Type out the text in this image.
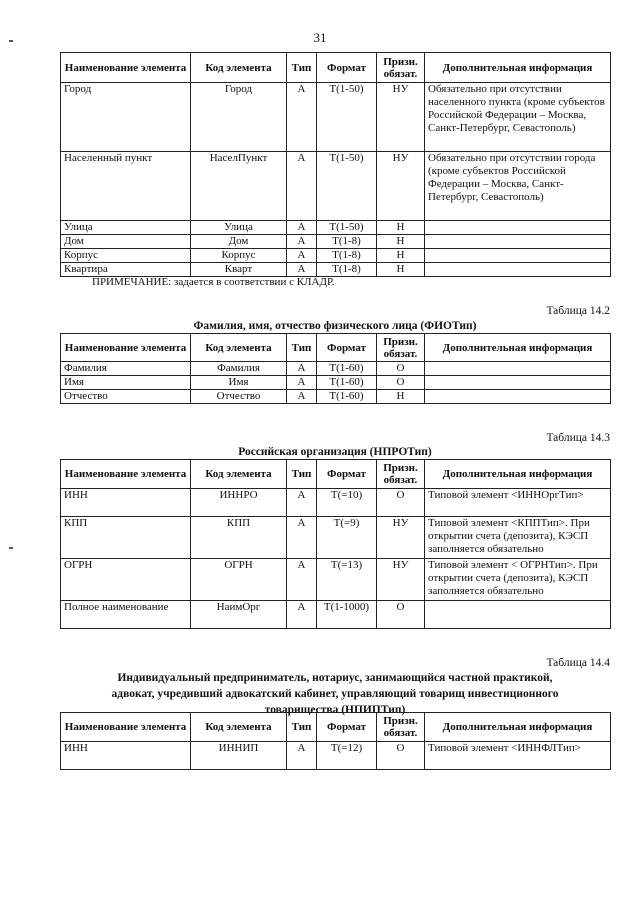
31
Наименование элемента	Код элемента	Тип	Формат	Призн. обязат.	Дополнительная информация
Город	Город	А	Т(1-50)	НУ	Обязательно при отсутствии населенного пункта (кроме субъектов Российской Федерации – Москва, Санкт-Петербург, Севастополь)
Населенный пункт	НаселПункт	А	Т(1-50)	НУ	Обязательно при отсутствии города (кроме субъектов Российской Федерации – Москва, Санкт-Петербург, Севастополь)
Улица	Улица	А	Т(1-50)	Н	
Дом	Дом	А	Т(1-8)	Н	
Корпус	Корпус	А	Т(1-8)	Н	
Квартира	Кварт	А	Т(1-8)	Н	
ПРИМЕЧАНИЕ: задается в соответствии с КЛАДР.
Таблица 14.2
Фамилия, имя, отчество физического лица (ФИОТип)
Наименование элемента	Код элемента	Тип	Формат	Призн. обязат.	Дополнительная информация
Фамилия	Фамилия	А	Т(1-60)	О	
Имя	Имя	А	Т(1-60)	О	
Отчество	Отчество	А	Т(1-60)	Н	
Таблица 14.3
Российская организация (НПРОТип)
Наименование элемента	Код элемента	Тип	Формат	Призн. обязат.	Дополнительная информация
ИНН	ИННРО	А	Т(=10)	О	Типовой элемент <ИННОргТип>
КПП	КПП	А	Т(=9)	НУ	Типовой элемент <КППТип>. При открытии счета (депозита), КЭСП заполняется обязательно
ОГРН	ОГРН	А	Т(=13)	НУ	Типовой элемент < ОГРНТип>. При открытии счета (депозита), КЭСП заполняется обязательно
Полное наименование	НаимОрг	А	Т(1-1000)	О	
Таблица 14.4
Индивидуальный предприниматель, нотариус, занимающийся частной практикой, адвокат, учредивший адвокатский кабинет, управляющий товарищ инвестиционного товарищества (НПИПТип)
Наименование элемента	Код элемента	Тип	Формат	Призн. обязат.	Дополнительная информация
ИНН	ИННИП	А	Т(=12)	О	Типовой элемент <ИННФЛТип>
